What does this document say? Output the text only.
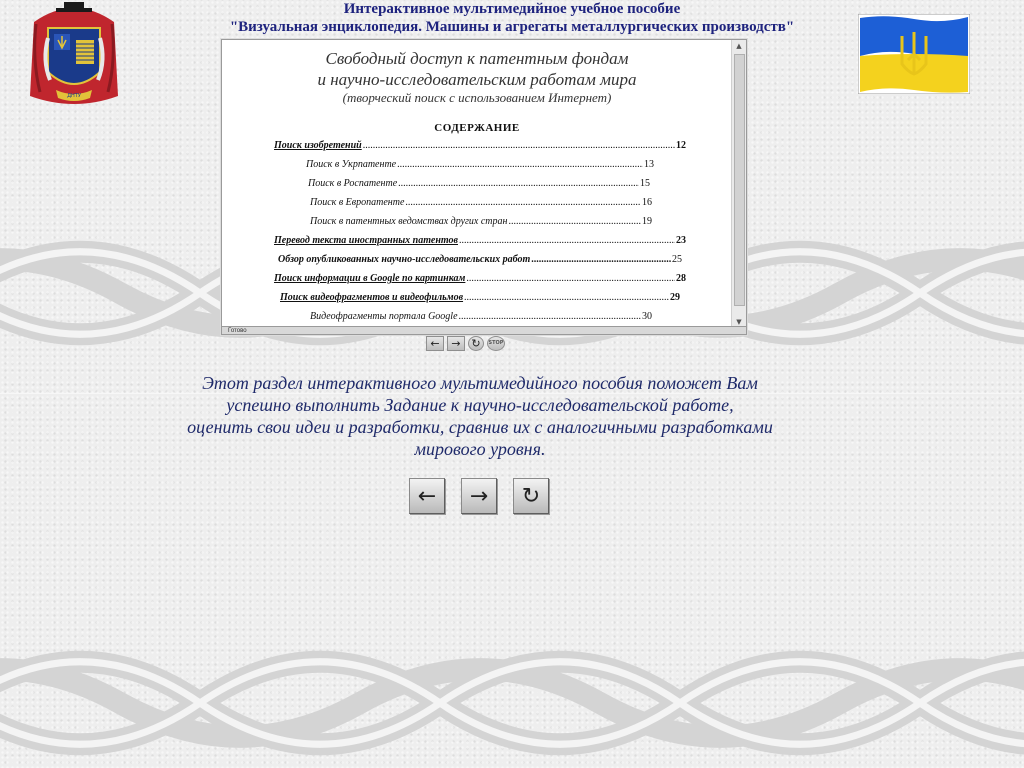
Интерактивное мультимедийное учебное пособие
"Визуальная энциклопедия. Машины и агрегаты металлургических производств"
ДНТУ
Свободный доступ к патентным фондам
и научно-исследовательским работам мира
(творческий поиск с использованием Интернет)
СОДЕРЖАНИЕ
Поиск изобретений .....	12
Поиск в Укрпатенте .....	13
Поиск в Роспатенте .....	15
Поиск в Европатенте .....	16
Поиск в патентных ведомствах других стран .....	19
Перевод текста иностранных патентов .....	23
Обзор опубликованных научно-исследовательских работ .....	25
Поиск информации в Google по картинкам .....	28
Поиск видеофрагментов и видеофильмов .....	29
Видеофрагменты портала Google .....	30
▲
▼
Готово
← → ↻ STOP
Этот раздел интерактивного мультимедийного пособия поможет Вам
успешно выполнить Задание к научно-исследовательской работе,
оценить свои идеи и разработки, сравнив их с аналогичными разработками
мирового уровня.
← → ↻
